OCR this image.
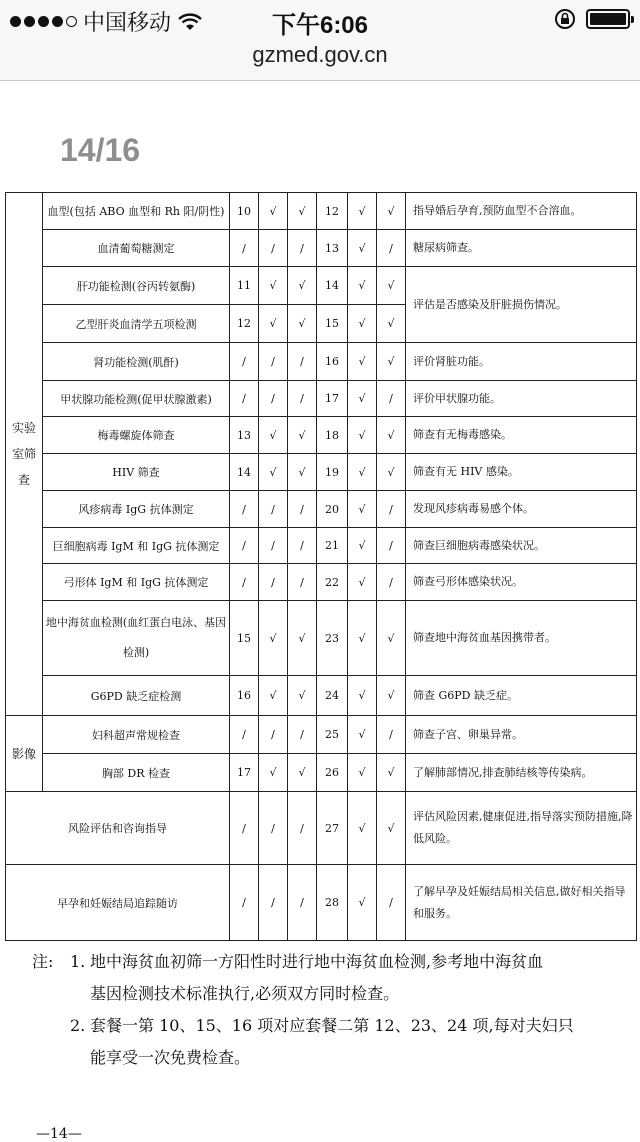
中国移动	下午6:06
gzmed.gov.cn
14/16
实验室筛查	血型(包括 ABO 血型和 Rh 阳/阴性)	10	√	√	12	√	√	指导婚后孕育,预防血型不合溶血。
	血清葡萄糖测定	/	/	/	13	√	/	糖尿病筛查。
	肝功能检测(谷丙转氨酶)	11	√	√	14	√	√	评估是否感染及肝脏损伤情况。
	乙型肝炎血清学五项检测	12	√	√	15	√	√	
	肾功能检测(肌酐)	/	/	/	16	√	√	评价肾脏功能。
	甲状腺功能检测(促甲状腺激素)	/	/	/	17	√	/	评价甲状腺功能。
	梅毒螺旋体筛查	13	√	√	18	√	√	筛查有无梅毒感染。
	HIV 筛查	14	√	√	19	√	√	筛查有无 HIV 感染。
	风疹病毒 IgG 抗体测定	/	/	/	20	√	/	发现风疹病毒易感个体。
	巨细胞病毒 IgM 和 IgG 抗体测定	/	/	/	21	√	/	筛查巨细胞病毒感染状况。
	弓形体 IgM 和 IgG 抗体测定	/	/	/	22	√	/	筛查弓形体感染状况。
	地中海贫血检测(血红蛋白电泳、基因检测)	15	√	√	23	√	√	筛查地中海贫血基因携带者。
	G6PD 缺乏症检测	16	√	√	24	√	√	筛查 G6PD 缺乏症。
影像	妇科超声常规检查	/	/	/	25	√	/	筛查子宫、卵巢异常。
	胸部 DR 检查	17	√	√	26	√	√	了解肺部情况,排查肺结核等传染病。
风险评估和咨询指导		/	/	/	27	√	√	评估风险因素,健康促进,指导落实预防措施,降低风险。
早孕和妊娠结局追踪随访		/	/	/	28	√	/	了解早孕及妊娠结局相关信息,做好相关指导和服务。
注:	1. 地中海贫血初筛一方阳性时进行地中海贫血检测,参考地中海贫血
基因检测技术标准执行,必须双方同时检查。
2. 套餐一第 10、15、16 项对应套餐二第 12、23、24 项,每对夫妇只
能享受一次免费检查。
—14—
